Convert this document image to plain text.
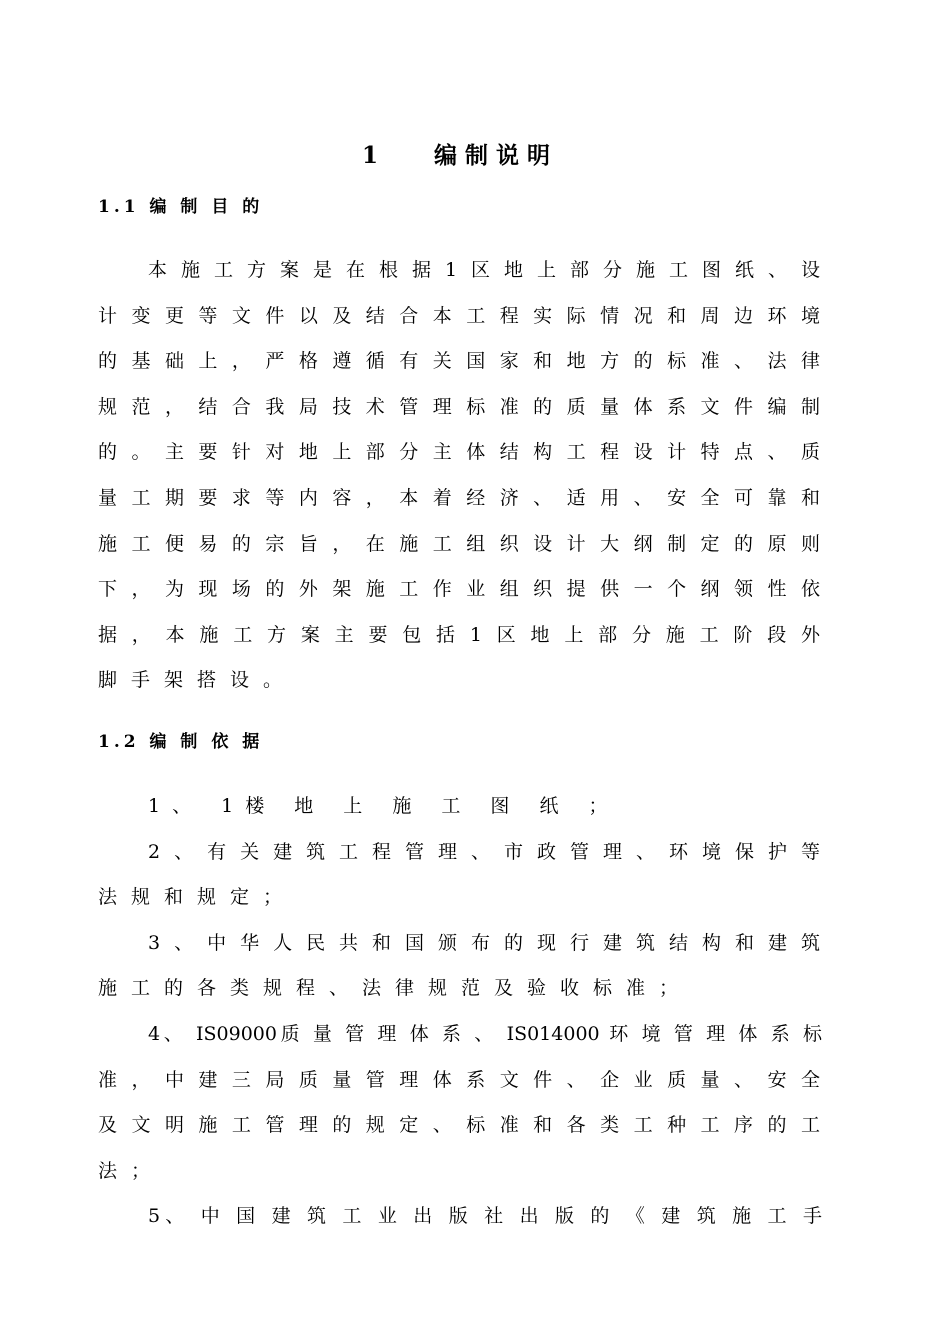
1   编制说明
1.1 编 制 目 的
本施工方案是在根据1区地上部分施工图纸、设
计变更等文件以及结合本工程实际情况和周边环境
的基础上，严格遵循有关国家和地方的标准、法律
规范，结合我局技术管理标准的质量体系文件编制
的。主要针对地上部分主体结构工程设计特点、质
量工期要求等内容，本着经济、适用、安全可靠和
施工便易的宗旨，在施工组织设计大纲制定的原则
下，为现场的外架施工作业组织提供一个纲领性依
据，本施工方案主要包括1区地上部分施工阶段外
脚手架搭设。
1.2 编 制 依 据
1、 1楼 地 上 施 工 图 纸 ；
2、有关建筑工程管理、市政管理、环境保护等
法规和规定；
3、中华人民共和国颁布的现行建筑结构和建筑
施工的各类规程、法律规范及验收标准；
4、 IS09000质 量 管 理 体 系 、 IS014000 环 境 管 理 体 系 标
准，中建三局质量管理体系文件、企业质量、安全
及文明施工管理的规定、标准和各类工种工序的工
法；
5、 中 国 建 筑 工 业 出 版 社 出 版 的 《 建 筑 施 工 手
